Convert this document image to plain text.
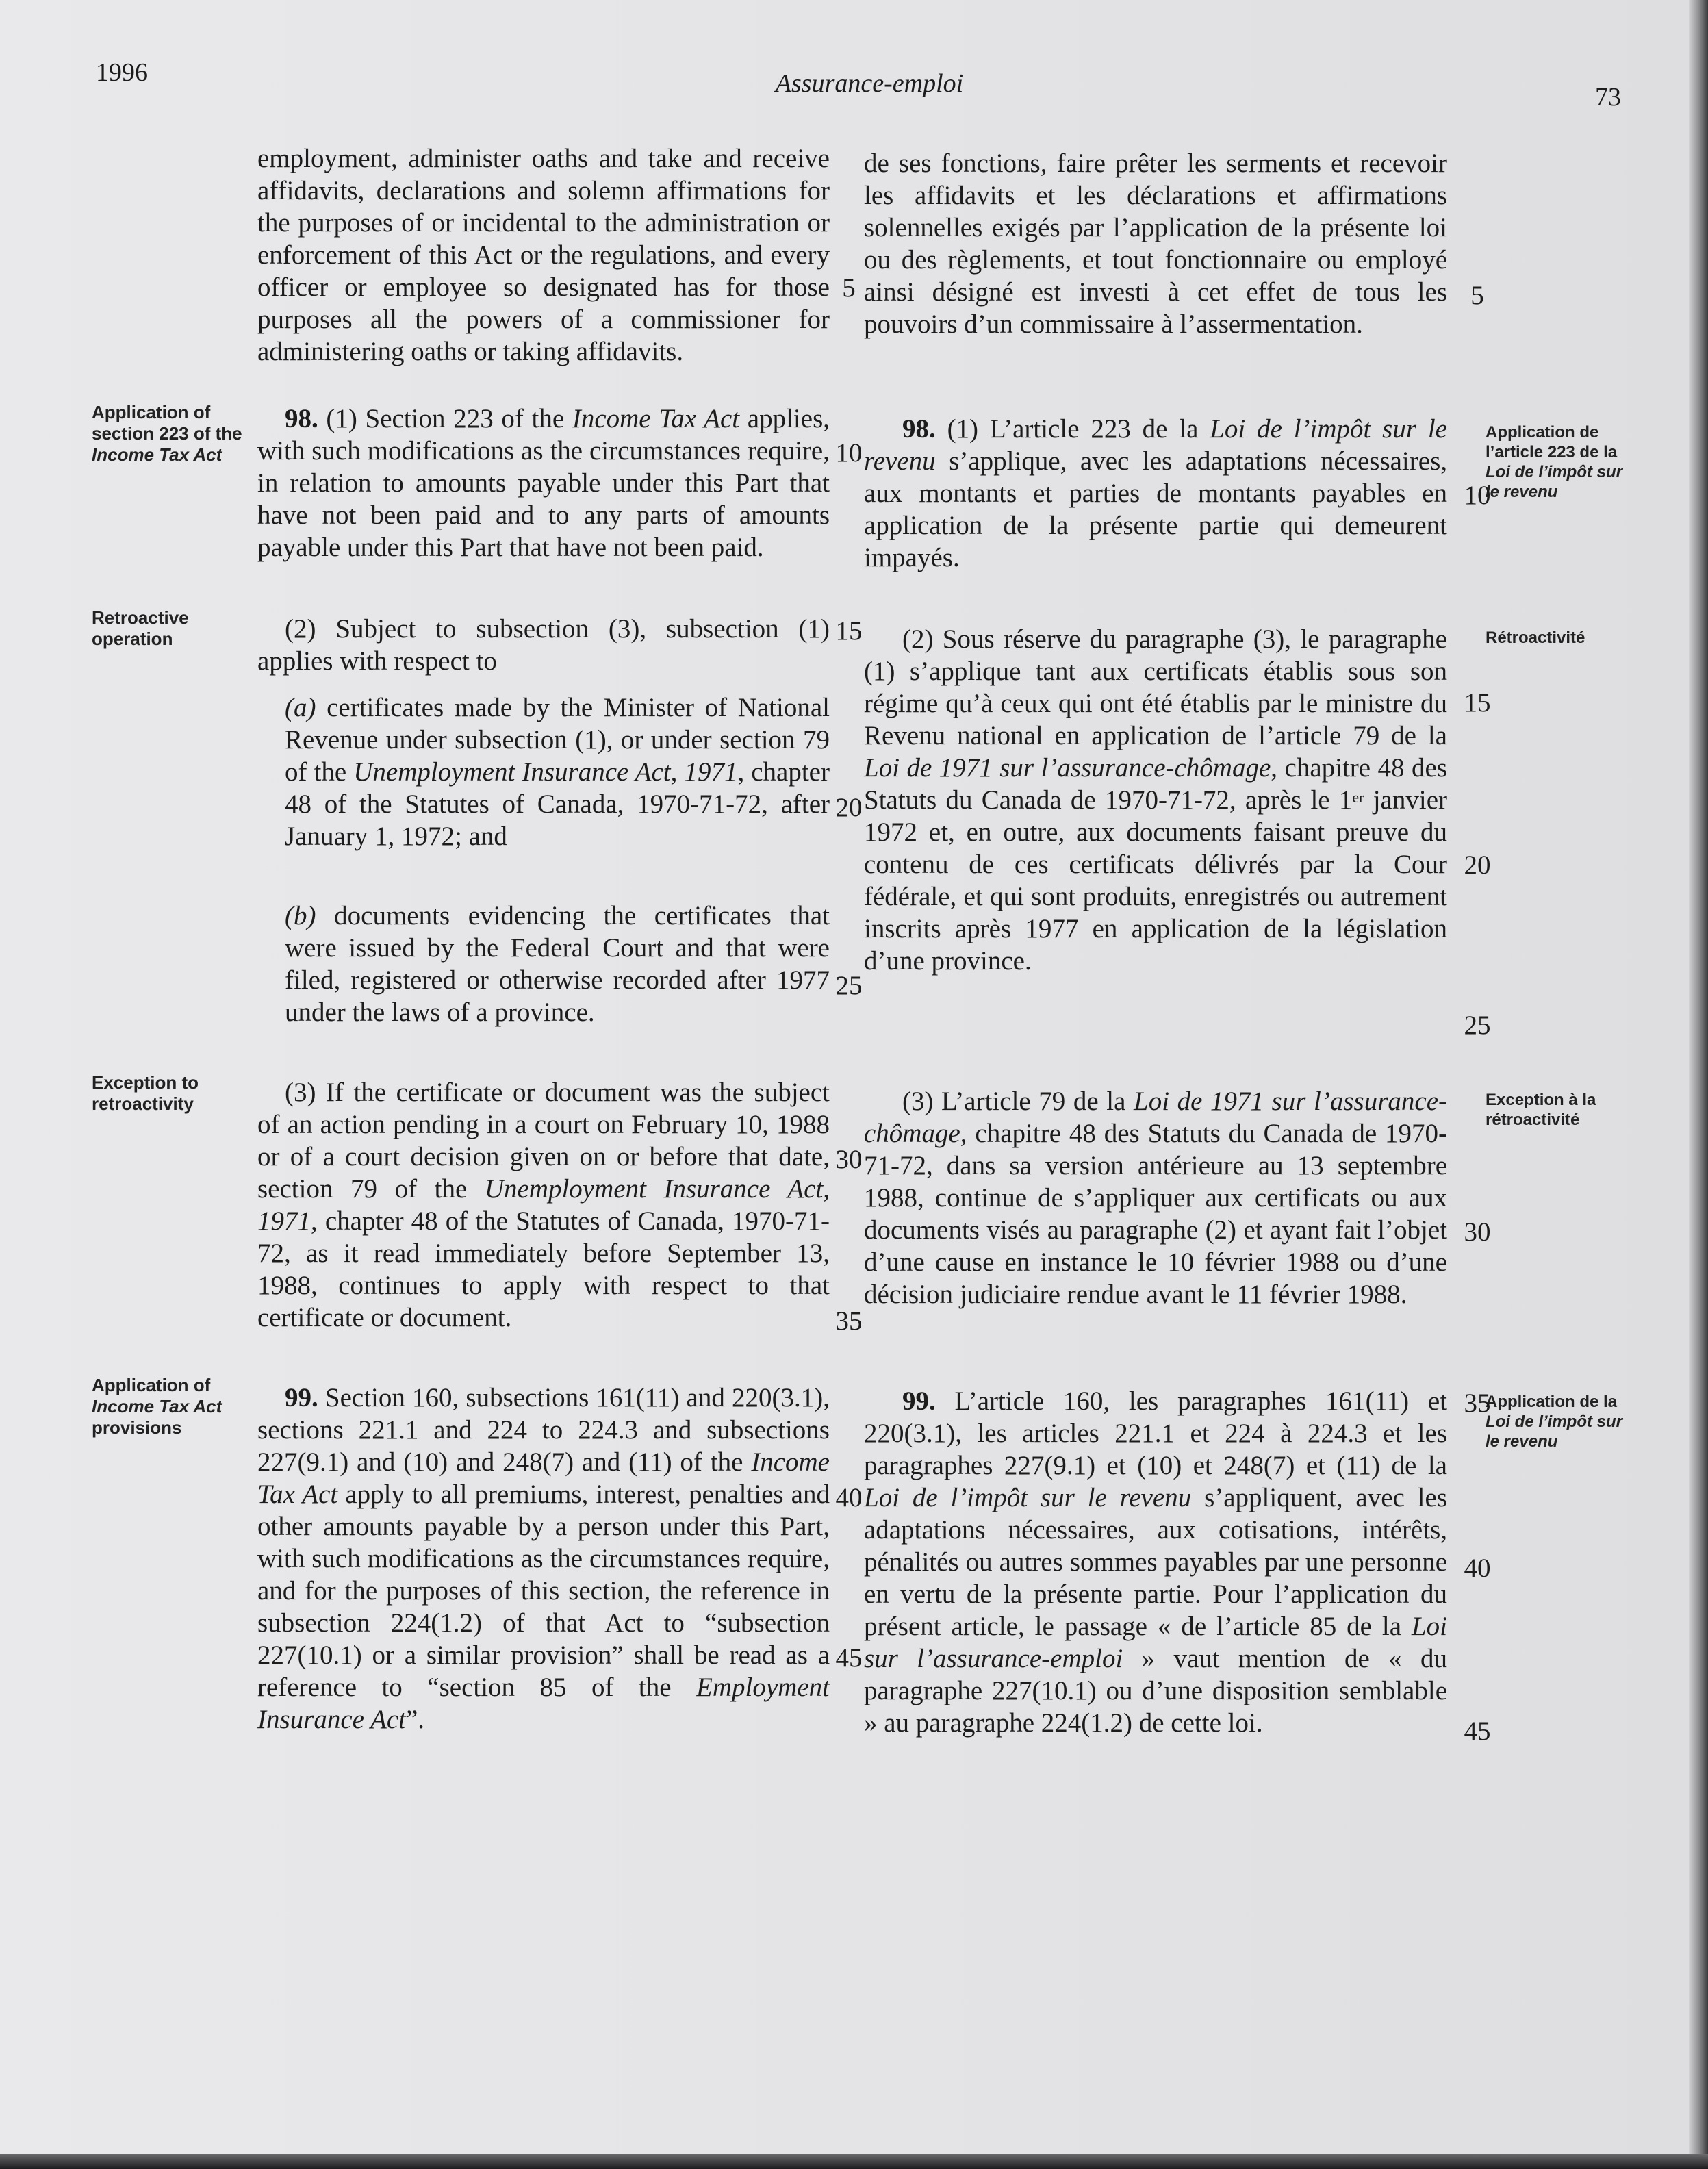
1996	Assurance-emploi	73

employment, administer oaths and take and receive affidavits, declarations and solemn affirmations for the purposes of or incidental to the administration or enforcement of this Act or the regulations, and every officer or employee so designated has for those purposes all the powers of a commissioner for administering oaths or taking affidavits.

98. (1) Section 223 of the Income Tax Act applies, with such modifications as the circumstances require, in relation to amounts payable under this Part that have not been paid and to any parts of amounts payable under this Part that have not been paid.

(2) Subject to subsection (3), subsection (1) applies with respect to

(a) certificates made by the Minister of National Revenue under subsection (1), or under section 79 of the Unemployment Insurance Act, 1971, chapter 48 of the Statutes of Canada, 1970-71-72, after January 1, 1972; and

(b) documents evidencing the certificates that were issued by the Federal Court and that were filed, registered or otherwise recorded after 1977 under the laws of a province.

(3) If the certificate or document was the subject of an action pending in a court on February 10, 1988 or of a court decision given on or before that date, section 79 of the Unemployment Insurance Act, 1971, chapter 48 of the Statutes of Canada, 1970-71-72, as it read immediately before September 13, 1988, continues to apply with respect to that certificate or document.

99. Section 160, subsections 161(11) and 220(3.1), sections 221.1 and 224 to 224.3 and subsections 227(9.1) and (10) and 248(7) and (11) of the Income Tax Act apply to all premiums, interest, penalties and other amounts payable by a person under this Part, with such modifications as the circumstances require, and for the purposes of this section, the reference in subsection 224(1.2) of that Act to “subsection 227(10.1) or a similar provision” shall be read as a reference to “section 85 of the Employment Insurance Act”.

de ses fonctions, faire prêter les serments et recevoir les affidavits et les déclarations et affirmations solennelles exigés par l’application de la présente loi ou des règlements, et tout fonctionnaire ou employé ainsi désigné est investi à cet effet de tous les pouvoirs d’un commissaire à l’assermentation.

98. (1) L’article 223 de la Loi de l’impôt sur le revenu s’applique, avec les adaptations nécessaires, aux montants et parties de montants payables en application de la présente partie qui demeurent impayés.

(2) Sous réserve du paragraphe (3), le paragraphe (1) s’applique tant aux certificats établis sous son régime qu’à ceux qui ont été établis par le ministre du Revenu national en application de l’article 79 de la Loi de 1971 sur l’assurance-chômage, chapitre 48 des Statuts du Canada de 1970-71-72, après le 1er janvier 1972 et, en outre, aux documents faisant preuve du contenu de ces certificats délivrés par la Cour fédérale, et qui sont produits, enregistrés ou autrement inscrits après 1977 en application de la législation d’une province.

(3) L’article 79 de la Loi de 1971 sur l’assurance-chômage, chapitre 48 des Statuts du Canada de 1970-71-72, dans sa version antérieure au 13 septembre 1988, continue de s’appliquer aux certificats ou aux documents visés au paragraphe (2) et ayant fait l’objet d’une cause en instance le 10 février 1988 ou d’une décision judiciaire rendue avant le 11 février 1988.

99. L’article 160, les paragraphes 161(11) et 220(3.1), les articles 221.1 et 224 à 224.3 et les paragraphes 227(9.1) et (10) et 248(7) et (11) de la Loi de l’impôt sur le revenu s’appliquent, avec les adaptations nécessaires, aux cotisations, intérêts, pénalités ou autres sommes payables par une personne en vertu de la présente partie. Pour l’application du présent article, le passage « de l’article 85 de la Loi sur l’assurance-emploi » vaut mention de « du paragraphe 227(10.1) ou d’une disposition semblable » au paragraphe 224(1.2) de cette loi.

Application of section 223 of the Income Tax Act
Retroactive operation
Exception to retroactivity
Application of Income Tax Act provisions
Application de l’article 223 de la Loi de l’impôt sur le revenu
Rétroactivité
Exception à la rétroactivité
Application de la Loi de l’impôt sur le revenu
5
10
15
20
25
30
35
40
45
5
10
15
20
25
30
35
40
45
